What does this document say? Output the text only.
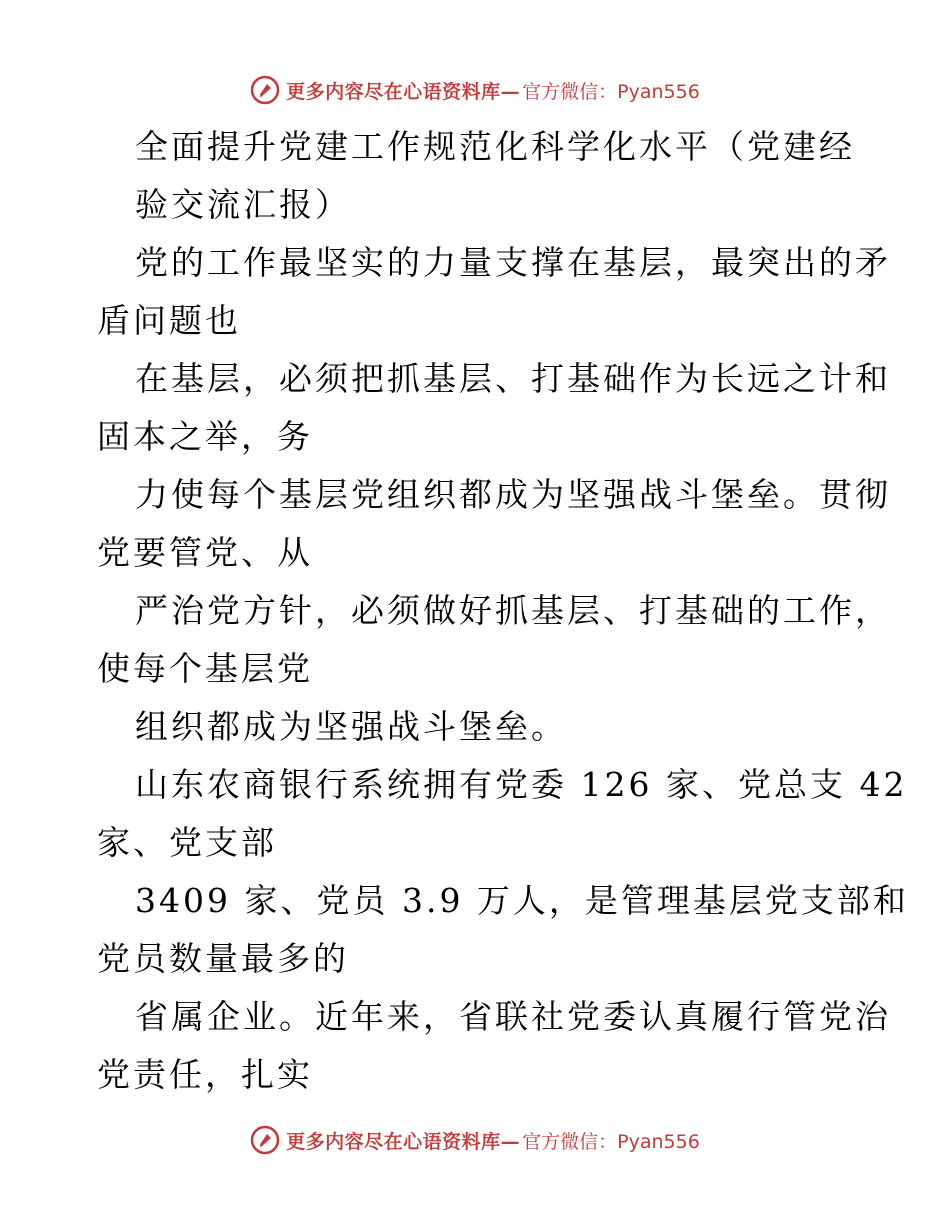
更多内容尽在心语资料库— 官方微信：Pyan556
全面提升党建工作规范化科学化水平（党建经
验交流汇报）
党的工作最坚实的力量支撑在基层，最突出的矛
盾问题也
在基层，必须把抓基层、打基础作为长远之计和
固本之举，务
力使每个基层党组织都成为坚强战斗堡垒。贯彻
党要管党、从
严治党方针，必须做好抓基层、打基础的工作，
使每个基层党
组织都成为坚强战斗堡垒。
山东农商银行系统拥有党委 126 家、党总支 42
家、党支部
3409 家、党员 3.9 万人，是管理基层党支部和
党员数量最多的
省属企业。近年来，省联社党委认真履行管党治
党责任，扎实
更多内容尽在心语资料库— 官方微信：Pyan556
